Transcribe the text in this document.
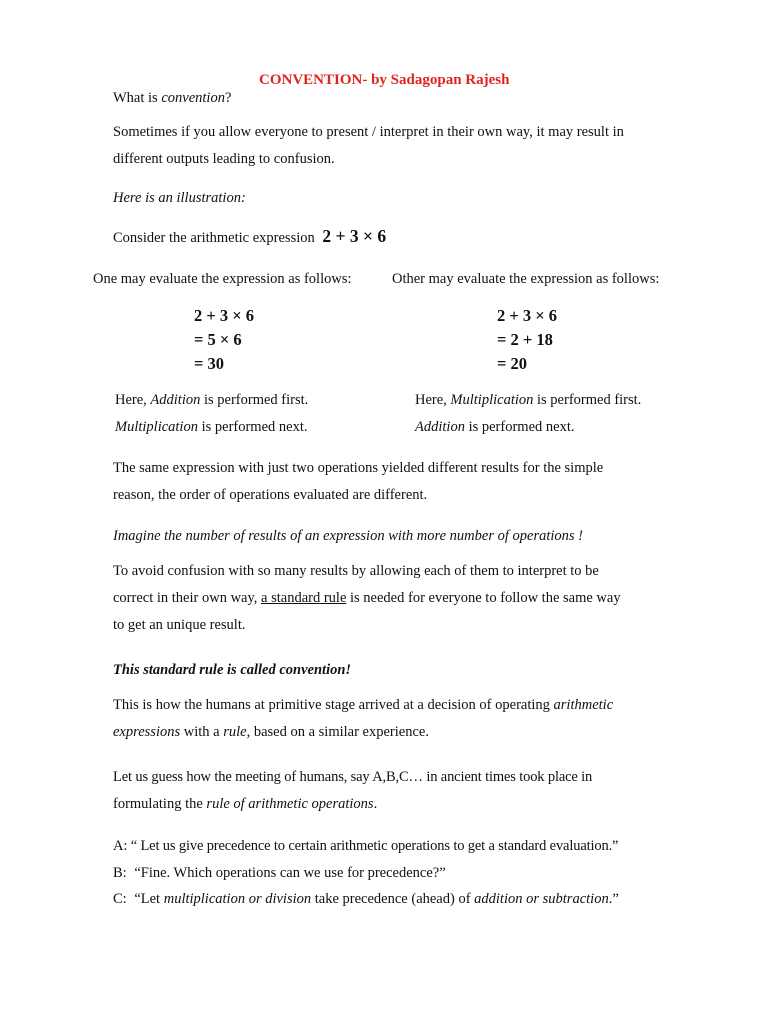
CONVENTION- by Sadagopan Rajesh
What is convention?
Sometimes if you allow everyone to present / interpret in their own way, it may result in
different outputs leading to confusion.
Here is an illustration:
Consider the arithmetic expression 2 + 3 × 6
One may evaluate the expression as follows:	Other may evaluate the expression as follows:
2 + 3 × 6
= 5 × 6
= 30
2 + 3 × 6
= 2 + 18
= 20
Here, Addition is performed first.
Multiplication is performed next.
Here, Multiplication is performed first.
Addition is performed next.
The same expression with just two operations yielded different results for the simple
reason, the order of operations evaluated are different.
Imagine the number of results of an expression with more number of operations !
To avoid confusion with so many results by allowing each of them to interpret to be
correct in their own way, a standard rule is needed for everyone to follow the same way
to get an unique result.
This standard rule is called convention!
This is how the humans at primitive stage arrived at a decision of operating arithmetic
expressions with a rule, based on a similar experience.
Let us guess how the meeting of humans, say A,B,C… in ancient times took place in
formulating the rule of arithmetic operations.
A: “ Let us give precedence to certain arithmetic operations to get a standard evaluation.”
B: “Fine. Which operations can we use for precedence?”
C: “Let multiplication or division take precedence (ahead) of addition or subtraction.”
